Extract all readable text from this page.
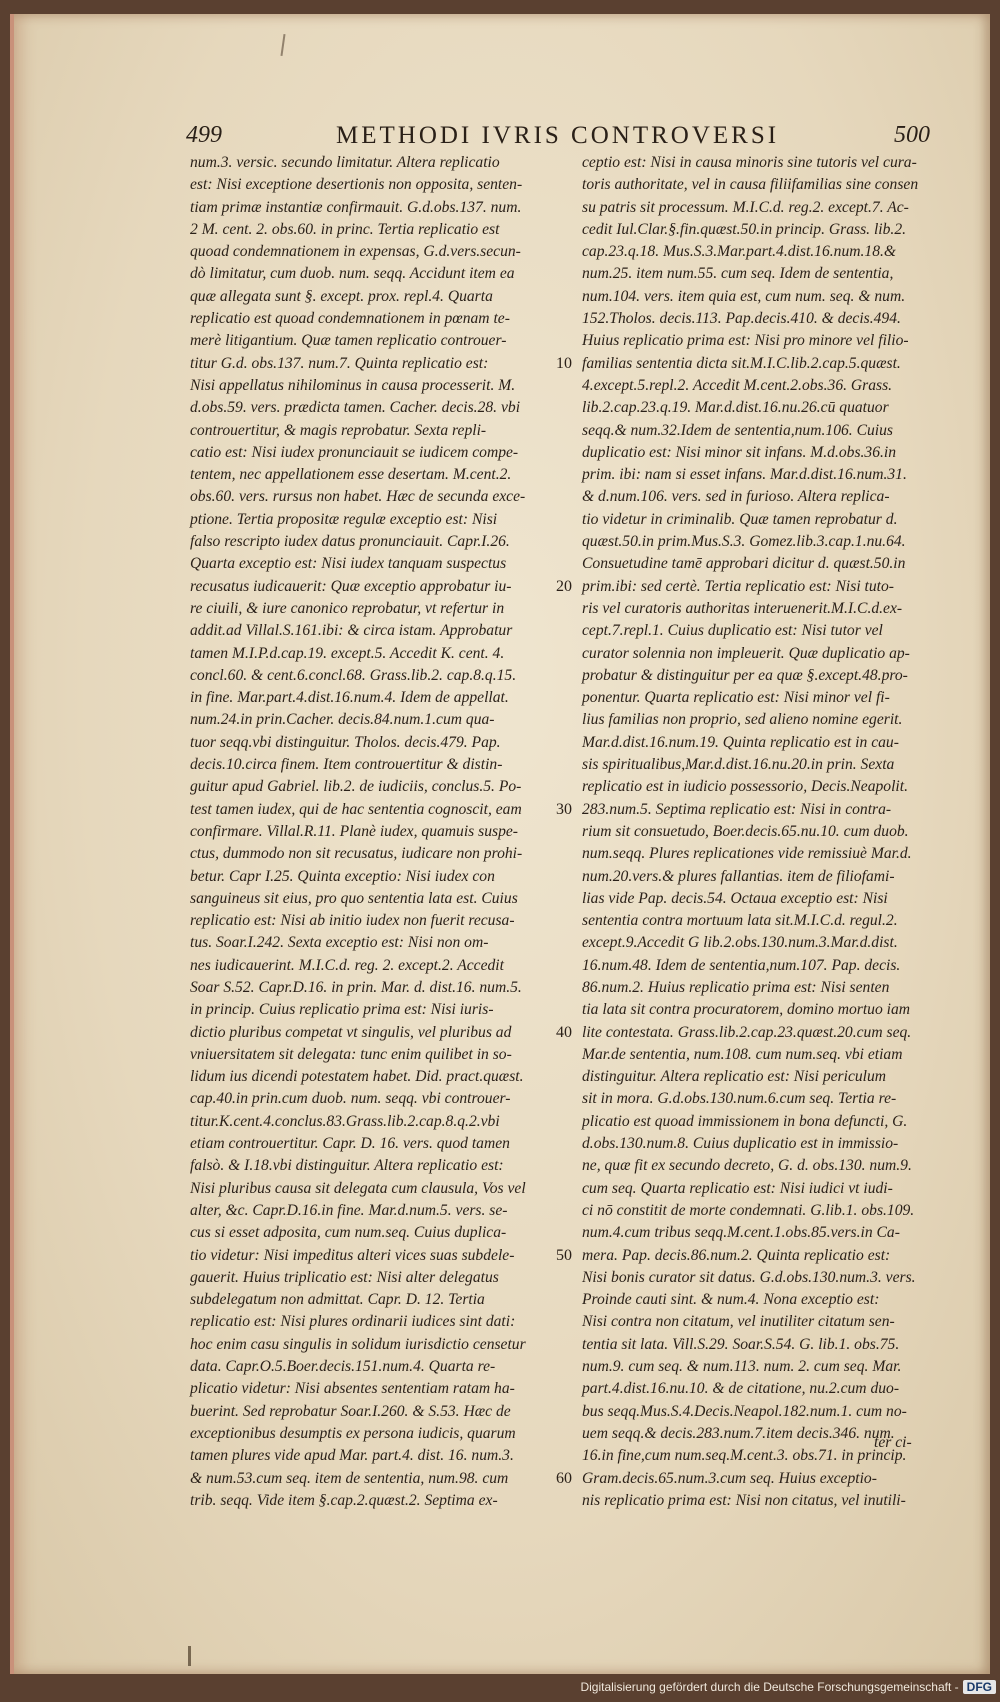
499	METHODI IVRIS CONTROVERSI	500
num.3. versic. secundo limitatur. Altera replicatio
est: Nisi exceptione desertionis non opposita, senten-
tiam primæ instantiæ confirmauit. G.d.obs.137. num.
2 M. cent. 2. obs.60. in princ. Tertia replicatio est
quoad condemnationem in expensas, G.d.vers.secun-
dò limitatur, cum duob. num. seqq. Accidunt item ea
quæ allegata sunt §. except. prox. repl.4. Quarta
replicatio est quoad condemnationem in pœnam te-
merè litigantium. Quæ tamen replicatio controuer-
titur G.d. obs.137. num.7. Quinta replicatio est:
Nisi appellatus nihilominus in causa processerit. M.
d.obs.59. vers. prædicta tamen. Cacher. decis.28. vbi
controuertitur, & magis reprobatur. Sexta repli-
catio est: Nisi iudex pronunciauit se iudicem compe-
tentem, nec appellationem esse desertam. M.cent.2.
obs.60. vers. rursus non habet. Hæc de secunda exce-
ptione. Tertia propositæ regulæ exceptio est: Nisi
falso rescripto iudex datus pronunciauit. Capr.I.26.
Quarta exceptio est: Nisi iudex tanquam suspectus
recusatus iudicauerit: Quæ exceptio approbatur iu-
re ciuili, & iure canonico reprobatur, vt refertur in
addit.ad Villal.S.161.ibi: & circa istam. Approbatur
tamen M.I.P.d.cap.19. except.5. Accedit K. cent. 4.
concl.60. & cent.6.concl.68. Grass.lib.2. cap.8.q.15.
in fine. Mar.part.4.dist.16.num.4. Idem de appellat.
num.24.in prin.Cacher. decis.84.num.1.cum qua-
tuor seqq.vbi distinguitur. Tholos. decis.479. Pap.
decis.10.circa finem. Item controuertitur & distin-
guitur apud Gabriel. lib.2. de iudiciis, conclus.5. Po-
test tamen iudex, qui de hac sententia cognoscit, eam
confirmare. Villal.R.11. Planè iudex, quamuis suspe-
ctus, dummodo non sit recusatus, iudicare non prohi-
betur. Capr I.25. Quinta exceptio: Nisi iudex con
sanguineus sit eius, pro quo sententia lata est. Cuius
replicatio est: Nisi ab initio iudex non fuerit recusa-
tus. Soar.I.242. Sexta exceptio est: Nisi non om-
nes iudicauerint. M.I.C.d. reg. 2. except.2. Accedit
Soar S.52. Capr.D.16. in prin. Mar. d. dist.16. num.5.
in princip. Cuius replicatio prima est: Nisi iuris-
dictio pluribus competat vt singulis, vel pluribus ad
vniuersitatem sit delegata: tunc enim quilibet in so-
lidum ius dicendi potestatem habet. Did. pract.quæst.
cap.40.in prin.cum duob. num. seqq. vbi controuer-
titur.K.cent.4.conclus.83.Grass.lib.2.cap.8.q.2.vbi
etiam controuertitur. Capr. D. 16. vers. quod tamen
falsò. & I.18.vbi distinguitur. Altera replicatio est:
Nisi pluribus causa sit delegata cum clausula, Vos vel
alter, &c. Capr.D.16.in fine. Mar.d.num.5. vers. se-
cus si esset adposita, cum num.seq. Cuius duplica-
tio videtur: Nisi impeditus alteri vices suas subdele-
gauerit. Huius triplicatio est: Nisi alter delegatus
subdelegatum non admittat. Capr. D. 12. Tertia
replicatio est: Nisi plures ordinarii iudices sint dati:
hoc enim casu singulis in solidum iurisdictio censetur
data. Capr.O.5.Boer.decis.151.num.4. Quarta re-
plicatio videtur: Nisi absentes sententiam ratam ha-
buerint. Sed reprobatur Soar.I.260. & S.53. Hæc de
exceptionibus desumptis ex persona iudicis, quarum
tamen plures vide apud Mar. part.4. dist. 16. num.3.
& num.53.cum seq. item de sententia, num.98. cum
trib. seqq. Vide item §.cap.2.quæst.2. Septima ex-
10
20
30
40
50
60
ceptio est: Nisi in causa minoris sine tutoris vel cura-
toris authoritate, vel in causa filiifamilias sine consen
su patris sit processum. M.I.C.d. reg.2. except.7. Ac-
cedit Iul.Clar.§.fin.quæst.50.in princip. Grass. lib.2.
cap.23.q.18. Mus.S.3.Mar.part.4.dist.16.num.18.&
num.25. item num.55. cum seq. Idem de sententia,
num.104. vers. item quia est, cum num. seq. & num.
152.Tholos. decis.113. Pap.decis.410. & decis.494.
Huius replicatio prima est: Nisi pro minore vel filio-
familias sententia dicta sit.M.I.C.lib.2.cap.5.quæst.
4.except.5.repl.2. Accedit M.cent.2.obs.36. Grass.
lib.2.cap.23.q.19. Mar.d.dist.16.nu.26.cū quatuor
seqq.& num.32.Idem de sententia,num.106. Cuius
duplicatio est: Nisi minor sit infans. M.d.obs.36.in
prim. ibi: nam si esset infans. Mar.d.dist.16.num.31.
& d.num.106. vers. sed in furioso. Altera replica-
tio videtur in criminalib. Quæ tamen reprobatur d.
quæst.50.in prim.Mus.S.3. Gomez.lib.3.cap.1.nu.64.
Consuetudine tamē approbari dicitur d. quæst.50.in
prim.ibi: sed certè. Tertia replicatio est: Nisi tuto-
ris vel curatoris authoritas interuenerit.M.I.C.d.ex-
cept.7.repl.1. Cuius duplicatio est: Nisi tutor vel
curator solennia non impleuerit. Quæ duplicatio ap-
probatur & distinguitur per ea quæ §.except.48.pro-
ponentur. Quarta replicatio est: Nisi minor vel fi-
lius familias non proprio, sed alieno nomine egerit.
Mar.d.dist.16.num.19. Quinta replicatio est in cau-
sis spiritualibus,Mar.d.dist.16.nu.20.in prin. Sexta
replicatio est in iudicio possessorio, Decis.Neapolit.
283.num.5. Septima replicatio est: Nisi in contra-
rium sit consuetudo, Boer.decis.65.nu.10. cum duob.
num.seqq. Plures replicationes vide remissiuè Mar.d.
num.20.vers.& plures fallantias. item de filiofami-
lias vide Pap. decis.54. Octaua exceptio est: Nisi
sententia contra mortuum lata sit.M.I.C.d. regul.2.
except.9.Accedit G lib.2.obs.130.num.3.Mar.d.dist.
16.num.48. Idem de sententia,num.107. Pap. decis.
86.num.2. Huius replicatio prima est: Nisi senten
tia lata sit contra procuratorem, domino mortuo iam
lite contestata. Grass.lib.2.cap.23.quæst.20.cum seq.
Mar.de sententia, num.108. cum num.seq. vbi etiam
distinguitur. Altera replicatio est: Nisi periculum
sit in mora. G.d.obs.130.num.6.cum seq. Tertia re-
plicatio est quoad immissionem in bona defuncti, G.
d.obs.130.num.8. Cuius duplicatio est in immissio-
ne, quæ fit ex secundo decreto, G. d. obs.130. num.9.
cum seq. Quarta replicatio est: Nisi iudici vt iudi-
ci nō constitit de morte condemnati. G.lib.1. obs.109.
num.4.cum tribus seqq.M.cent.1.obs.85.vers.in Ca-
mera. Pap. decis.86.num.2. Quinta replicatio est:
Nisi bonis curator sit datus. G.d.obs.130.num.3. vers.
Proinde cauti sint. & num.4. Nona exceptio est:
Nisi contra non citatum, vel inutiliter citatum sen-
tentia sit lata. Vill.S.29. Soar.S.54. G. lib.1. obs.75.
num.9. cum seq. & num.113. num. 2. cum seq. Mar.
part.4.dist.16.nu.10. & de citatione, nu.2.cum duo-
bus seqq.Mus.S.4.Decis.Neapol.182.num.1. cum no-
uem seqq.& decis.283.num.7.item decis.346. num.
16.in fine,cum num.seq.M.cent.3. obs.71. in princip.
Gram.decis.65.num.3.cum seq. Huius exceptio-
nis replicatio prima est: Nisi non citatus, vel inutili-
ter ci-
Digitalisierung gefördert durch die Deutsche Forschungsgemeinschaft - DFG
